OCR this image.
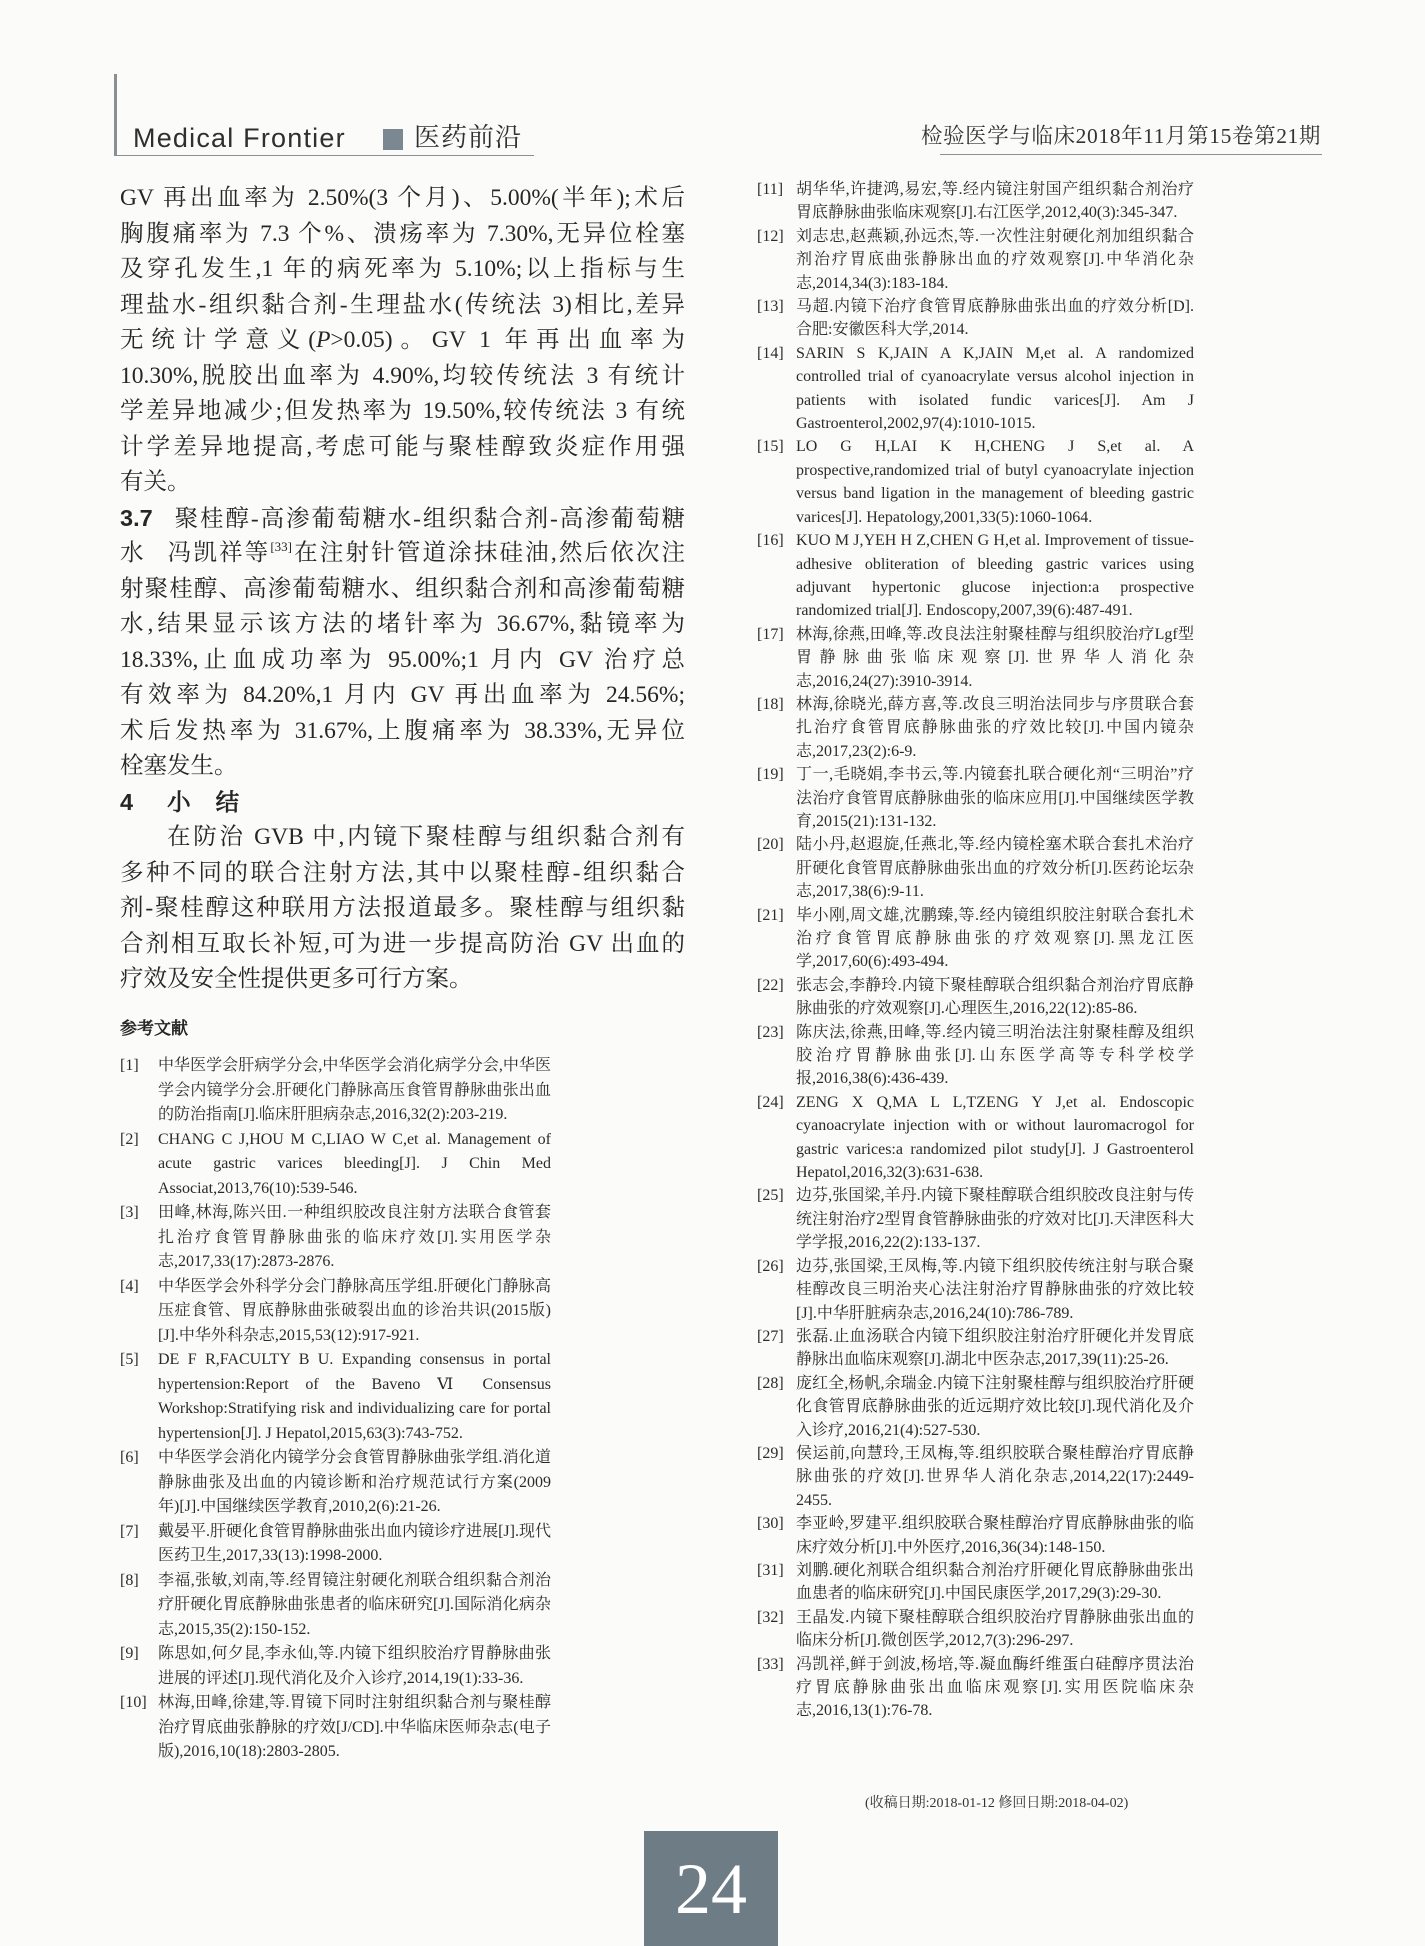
Medical Frontier	医药前沿	检验医学与临床2018年11月第15卷第21期
GV 再出血率为 2.50%(3 个月)、5.00%(半年);术后
胸腹痛率为 7.3 个%、溃疡率为 7.30%,无异位栓塞
及穿孔发生,1 年的病死率为 5.10%;以上指标与生
理盐水-组织黏合剂-生理盐水(传统法 3)相比,差异
无统计学意义(P>0.05)。GV 1 年再出血率为
10.30%,脱胶出血率为 4.90%,均较传统法 3 有统计
学差异地减少;但发热率为 19.50%,较传统法 3 有统
计学差异地提高,考虑可能与聚桂醇致炎症作用强
有关。
3.7 聚桂醇-高渗葡萄糖水-组织黏合剂-高渗葡萄糖
水 冯凯祥等[33]在注射针管道涂抹硅油,然后依次注
射聚桂醇、高渗葡萄糖水、组织黏合剂和高渗葡萄糖
水,结果显示该方法的堵针率为 36.67%,黏镜率为
18.33%,止血成功率为 95.00%;1 月内 GV 治疗总
有效率为 84.20%,1 月内 GV 再出血率为 24.56%;
术后发热率为 31.67%,上腹痛率为 38.33%,无异位
栓塞发生。
4 小结
在防治 GVB 中,内镜下聚桂醇与组织黏合剂有
多种不同的联合注射方法,其中以聚桂醇-组织黏合
剂-聚桂醇这种联用方法报道最多。聚桂醇与组织黏
合剂相互取长补短,可为进一步提高防治 GV 出血的
疗效及安全性提供更多可行方案。
参考文献
[1] 中华医学会肝病学分会,中华医学会消化病学分会,中华医学会内镜学分会.肝硬化门静脉高压食管胃静脉曲张出血的防治指南[J].临床肝胆病杂志,2016,32(2):203-219.
[2] CHANG C J,HOU M C,LIAO W C,et al. Management of acute gastric varices bleeding[J]. J Chin Med Associat,2013,76(10):539-546.
[3] 田峰,林海,陈兴田.一种组织胶改良注射方法联合食管套扎治疗食管胃静脉曲张的临床疗效[J].实用医学杂志,2017,33(17):2873-2876.
[4] 中华医学会外科学分会门静脉高压学组.肝硬化门静脉高压症食管、胃底静脉曲张破裂出血的诊治共识(2015版)[J].中华外科杂志,2015,53(12):917-921.
[5] DE F R,FACULTY B U. Expanding consensus in portal hypertension:Report of the Baveno Ⅵ Consensus Workshop:Stratifying risk and individualizing care for portal hypertension[J]. J Hepatol,2015,63(3):743-752.
[6] 中华医学会消化内镜学分会食管胃静脉曲张学组.消化道静脉曲张及出血的内镜诊断和治疗规范试行方案(2009 年)[J].中国继续医学教育,2010,2(6):21-26.
[7] 戴晏平.肝硬化食管胃静脉曲张出血内镜诊疗进展[J].现代医药卫生,2017,33(13):1998-2000.
[8] 李福,张敏,刘南,等.经胃镜注射硬化剂联合组织黏合剂治疗肝硬化胃底静脉曲张患者的临床研究[J].国际消化病杂志,2015,35(2):150-152.
[9] 陈思如,何夕昆,李永仙,等.内镜下组织胶治疗胃静脉曲张进展的评述[J].现代消化及介入诊疗,2014,19(1):33-36.
[10] 林海,田峰,徐建,等.胃镜下同时注射组织黏合剂与聚桂醇治疗胃底曲张静脉的疗效[J/CD].中华临床医师杂志(电子版),2016,10(18):2803-2805.
[11] 胡华华,许捷鸿,易宏,等.经内镜注射国产组织黏合剂治疗胃底静脉曲张临床观察[J].右江医学,2012,40(3):345-347.
[12] 刘志忠,赵燕颖,孙远杰,等.一次性注射硬化剂加组织黏合剂治疗胃底曲张静脉出血的疗效观察[J].中华消化杂志,2014,34(3):183-184.
[13] 马超.内镜下治疗食管胃底静脉曲张出血的疗效分析[D].合肥:安徽医科大学,2014.
[14] SARIN S K,JAIN A K,JAIN M,et al. A randomized controlled trial of cyanoacrylate versus alcohol injection in patients with isolated fundic varices[J]. Am J Gastroenterol,2002,97(4):1010-1015.
[15] LO G H,LAI K H,CHENG J S,et al. A prospective,randomized trial of butyl cyanoacrylate injection versus band ligation in the management of bleeding gastric varices[J]. Hepatology,2001,33(5):1060-1064.
[16] KUO M J,YEH H Z,CHEN G H,et al. Improvement of tissue-adhesive obliteration of bleeding gastric varices using adjuvant hypertonic glucose injection:a prospective randomized trial[J]. Endoscopy,2007,39(6):487-491.
[17] 林海,徐燕,田峰,等.改良法注射聚桂醇与组织胶治疗Lgf型胃静脉曲张临床观察[J].世界华人消化杂志,2016,24(27):3910-3914.
[18] 林海,徐晓光,薛方喜,等.改良三明治法同步与序贯联合套扎治疗食管胃底静脉曲张的疗效比较[J].中国内镜杂志,2017,23(2):6-9.
[19] 丁一,毛晓娟,李书云,等.内镜套扎联合硬化剂“三明治”疗法治疗食管胃底静脉曲张的临床应用[J].中国继续医学教育,2015(21):131-132.
[20] 陆小丹,赵遐旋,任燕北,等.经内镜栓塞术联合套扎术治疗肝硬化食管胃底静脉曲张出血的疗效分析[J].医药论坛杂志,2017,38(6):9-11.
[21] 毕小刚,周文雄,沈鹏臻,等.经内镜组织胶注射联合套扎术治疗食管胃底静脉曲张的疗效观察[J].黑龙江医学,2017,60(6):493-494.
[22] 张志会,李静玲.内镜下聚桂醇联合组织黏合剂治疗胃底静脉曲张的疗效观察[J].心理医生,2016,22(12):85-86.
[23] 陈庆法,徐燕,田峰,等.经内镜三明治法注射聚桂醇及组织胶治疗胃静脉曲张[J].山东医学高等专科学校学报,2016,38(6):436-439.
[24] ZENG X Q,MA L L,TZENG Y J,et al. Endoscopic cyanoacrylate injection with or without lauromacrogol for gastric varices:a randomized pilot study[J]. J Gastroenterol Hepatol,2016,32(3):631-638.
[25] 边芬,张国梁,羊丹.内镜下聚桂醇联合组织胶改良注射与传统注射治疗2型胃食管静脉曲张的疗效对比[J].天津医科大学学报,2016,22(2):133-137.
[26] 边芬,张国梁,王凤梅,等.内镜下组织胶传统注射与联合聚桂醇改良三明治夹心法注射治疗胃静脉曲张的疗效比较[J].中华肝脏病杂志,2016,24(10):786-789.
[27] 张磊.止血汤联合内镜下组织胶注射治疗肝硬化并发胃底静脉出血临床观察[J].湖北中医杂志,2017,39(11):25-26.
[28] 庞红全,杨帆,余瑞金.内镜下注射聚桂醇与组织胶治疗肝硬化食管胃底静脉曲张的近远期疗效比较[J].现代消化及介入诊疗,2016,21(4):527-530.
[29] 侯运前,向慧玲,王凤梅,等.组织胶联合聚桂醇治疗胃底静脉曲张的疗效[J].世界华人消化杂志,2014,22(17):2449-2455.
[30] 李亚岭,罗建平.组织胶联合聚桂醇治疗胃底静脉曲张的临床疗效分析[J].中外医疗,2016,36(34):148-150.
[31] 刘鹏.硬化剂联合组织黏合剂治疗肝硬化胃底静脉曲张出血患者的临床研究[J].中国民康医学,2017,29(3):29-30.
[32] 王晶发.内镜下聚桂醇联合组织胶治疗胃静脉曲张出血的临床分析[J].微创医学,2012,7(3):296-297.
[33] 冯凯祥,鲜于剑波,杨培,等.凝血酶纤维蛋白硅醇序贯法治疗胃底静脉曲张出血临床观察[J].实用医院临床杂志,2016,13(1):76-78.
(收稿日期:2018-01-12 修回日期:2018-04-02)
24
